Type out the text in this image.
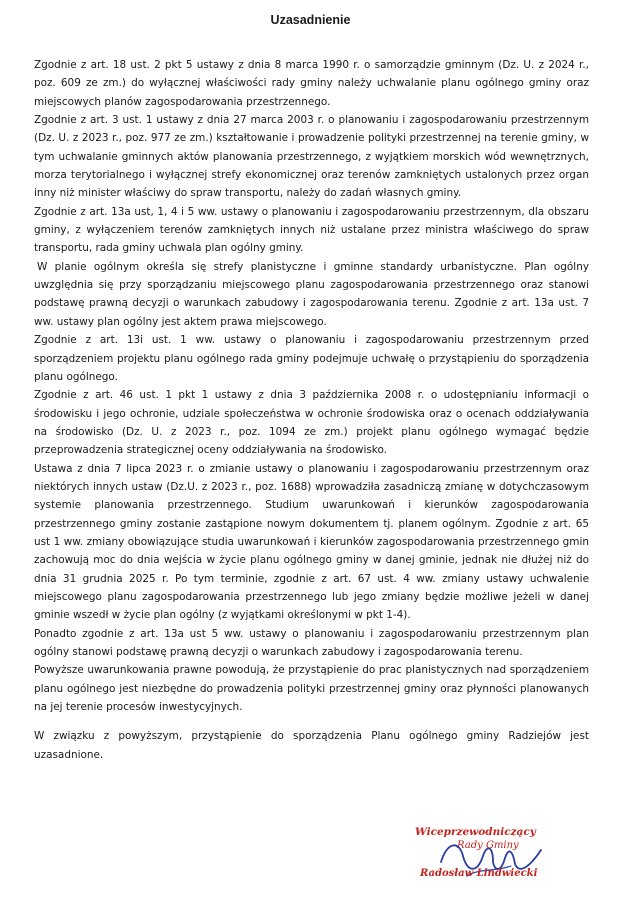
Uzasadnienie

Zgodnie z art. 18 ust. 2 pkt 5 ustawy z dnia 8 marca 1990 r. o samorządzie gminnym (Dz. U. z 2024 r., poz. 609 ze zm.) do wyłącznej właściwości rady gminy należy uchwalanie planu ogólnego gminy oraz miejscowych planów zagospodarowania przestrzennego.

Zgodnie z art. 3 ust. 1 ustawy z dnia 27 marca 2003 r. o planowaniu i zagospodarowaniu przestrzennym (Dz. U. z 2023 r., poz. 977 ze zm.) kształtowanie i prowadzenie polityki przestrzennej na terenie gminy, w tym uchwalanie gminnych aktów planowania przestrzennego, z wyjątkiem morskich wód wewnętrznych, morza terytorialnego i wyłącznej strefy ekonomicznej oraz terenów zamkniętych ustalonych przez organ inny niż minister właściwy do spraw transportu, należy do zadań własnych gminy.

Zgodnie z art. 13a ust, 1, 4 i 5 ww. ustawy o planowaniu i zagospodarowaniu przestrzennym, dla obszaru gminy, z wyłączeniem terenów zamkniętych innych niż ustalane przez ministra właściwego do spraw transportu, rada gminy uchwala plan ogólny gminy.

W planie ogólnym określa się strefy planistyczne i gminne standardy urbanistyczne. Plan ogólny uwzględnia się przy sporządzaniu miejscowego planu zagospodarowania przestrzennego oraz stanowi podstawę prawną decyzji o warunkach zabudowy i zagospodarowania terenu. Zgodnie z art. 13a ust. 7 ww. ustawy plan ogólny jest aktem prawa miejscowego.

Zgodnie z art. 13i ust. 1 ww. ustawy o planowaniu i zagospodarowaniu przestrzennym przed sporządzeniem projektu planu ogólnego rada gminy podejmuje uchwałę o przystąpieniu do sporządzenia planu ogólnego.

Zgodnie z art. 46 ust. 1 pkt 1 ustawy z dnia 3 października 2008 r. o udostępnianiu informacji o środowisku i jego ochronie, udziale społeczeństwa w ochronie środowiska oraz o ocenach oddziaływania na środowisko (Dz. U. z 2023 r., poz. 1094 ze zm.) projekt planu ogólnego wymagać będzie przeprowadzenia strategicznej oceny oddziaływania na środowisko.

Ustawa z dnia 7 lipca 2023 r. o zmianie ustawy o planowaniu i zagospodarowaniu przestrzennym oraz niektórych innych ustaw (Dz.U. z 2023 r., poz. 1688) wprowadziła zasadniczą zmianę w dotychczasowym systemie planowania przestrzennego. Studium uwarunkowań i kierunków zagospodarowania przestrzennego gminy zostanie zastąpione nowym dokumentem tj. planem ogólnym. Zgodnie z art. 65 ust 1 ww. zmiany obowiązujące studia uwarunkowań i kierunków zagospodarowania przestrzennego gmin zachowują moc do dnia wejścia w życie planu ogólnego gminy w danej gminie, jednak nie dłużej niż do dnia 31 grudnia 2025 r. Po tym terminie, zgodnie z art. 67 ust. 4 ww. zmiany ustawy uchwalenie miejscowego planu zagospodarowania przestrzennego lub jego zmiany będzie możliwe jeżeli w danej gminie wszedł w życie plan ogólny (z wyjątkami określonymi w pkt 1-4).

Ponadto zgodnie z art. 13a ust 5 ww. ustawy o planowaniu i zagospodarowaniu przestrzennym plan ogólny stanowi podstawę prawną decyzji o warunkach zabudowy i zagospodarowania terenu.

Powyższe uwarunkowania prawne powodują, że przystąpienie do prac planistycznych nad sporządzeniem planu ogólnego jest niezbędne do prowadzenia polityki przestrzennej gminy oraz płynności planowanych na jej terenie procesów inwestycyjnych.

W związku z powyższym, przystąpienie do sporządzenia Planu ogólnego gminy Radziejów jest uzasadnione.

Wiceprzewodniczący
Rady Gminy
Radosław Lindwiecki
